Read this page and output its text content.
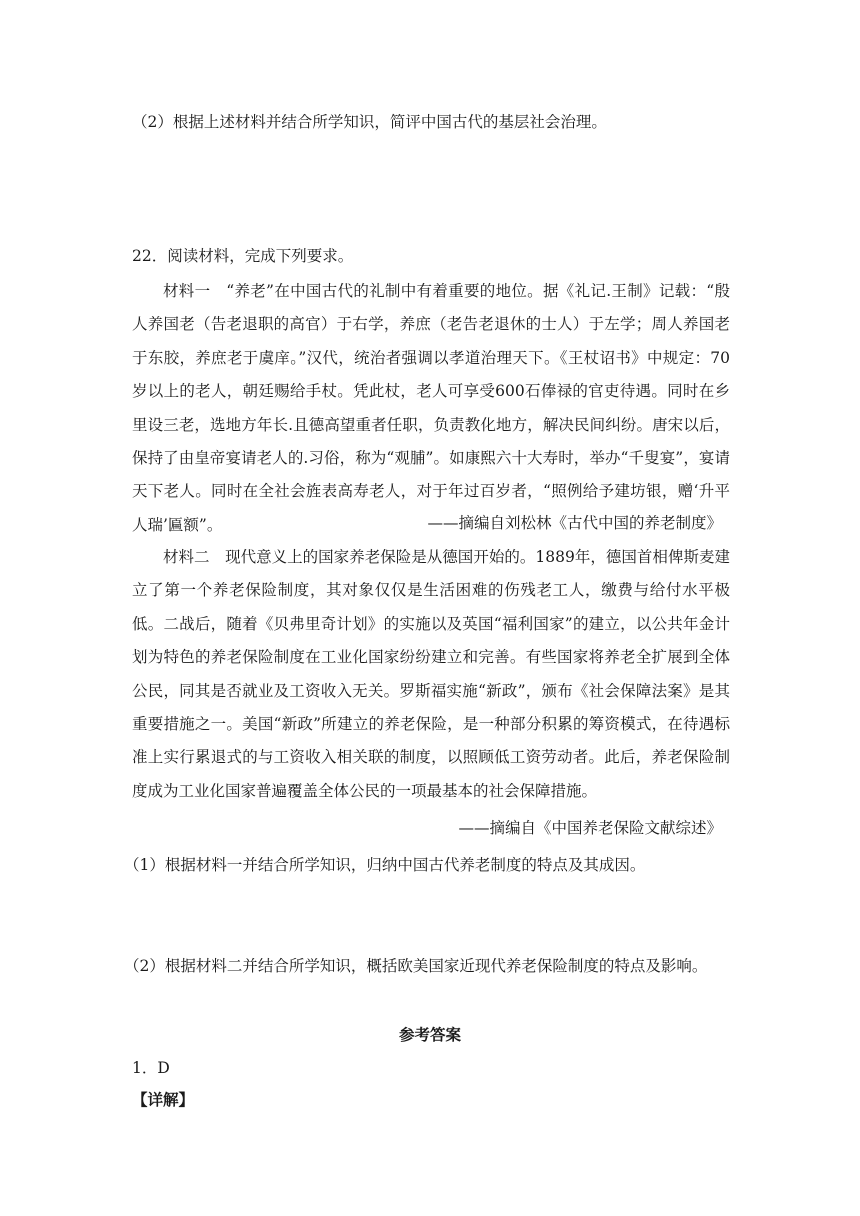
（2）根据上述材料并结合所学知识，简评中国古代的基层社会治理。
22．阅读材料，完成下列要求。

材料一　“养老”在中国古代的礼制中有着重要的地位。据《礼记.王制》记载：“殷人养国老（告老退职的高官）于右学，养庶（老告老退休的士人）于左学；周人养国老于东胶，养庶老于虞庠。”汉代，统治者强调以孝道治理天下。《王杖诏书》中规定：70岁以上的老人，朝廷赐给手杖。凭此杖，老人可享受600石俸禄的官吏待遇。同时在乡里设三老，选地方年长.且德高望重者任职，负责教化地方，解决民间纠纷。唐宋以后，保持了由皇帝宴请老人的.习俗，称为“观脯”。如康熙六十大寿时，举办“千叟宴”，宴请天下老人。同时在全社会旌表高寿老人，对于年过百岁者，“照例给予建坊银，赠‘升平人瑞’匾额”。	——摘编自刘松林《古代中国的养老制度》

材料二　现代意义上的国家养老保险是从德国开始的。1889年，德国首相俾斯麦建立了第一个养老保险制度，其对象仅仅是生活困难的伤残老工人，缴费与给付水平极低。二战后，随着《贝弗里奇计划》的实施以及英国“福利国家”的建立，以公共年金计划为特色的养老保险制度在工业化国家纷纷建立和完善。有些国家将养老全扩展到全体公民，同其是否就业及工资收入无关。罗斯福实施“新政”，颁布《社会保障法案》是其重要措施之一。美国“新政”所建立的养老保险，是一种部分积累的筹资模式，在待遇标准上实行累退式的与工资收入相关联的制度，以照顾低工资劳动者。此后，养老保险制度成为工业化国家普遍覆盖全体公民的一项最基本的社会保障措施。

——摘编自《中国养老保险文献综述》
（1）根据材料一并结合所学知识，归纳中国古代养老制度的特点及其成因。
（2）根据材料二并结合所学知识，概括欧美国家近现代养老保险制度的特点及影响。
参考答案
1．D
【详解】
